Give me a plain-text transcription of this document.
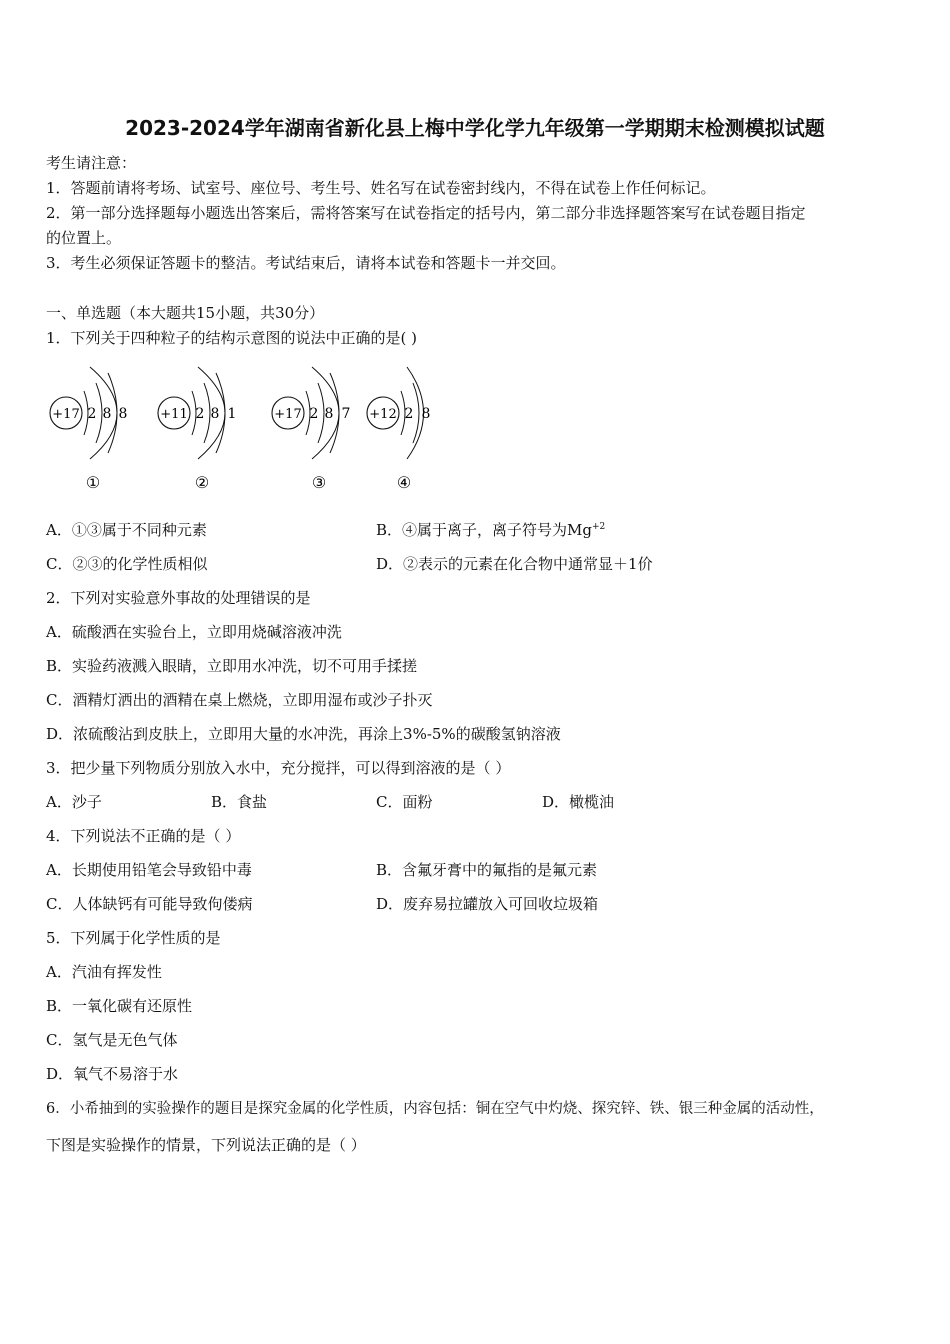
2023-2024学年湖南省新化县上梅中学化学九年级第一学期期末检测模拟试题
考生请注意：
1．答题前请将考场、试室号、座位号、考生号、姓名写在试卷密封线内，不得在试卷上作任何标记。
2．第一部分选择题每小题选出答案后，需将答案写在试卷指定的括号内，第二部分非选择题答案写在试卷题目指定
的位置上。
3．考生必须保证答题卡的整洁。考试结束后，请将本试卷和答题卡一并交回。
一、单选题（本大题共15小题，共30分）
1．下列关于四种粒子的结构示意图的说法中正确的是( )
+17 2 8 8
①
+11 2 8 1
②
+17 2 8 7
③
+12 2 8
④
A．①③属于不同种元素	B．④属于离子，离子符号为$Mg^{+2}$
C．②③的化学性质相似	D．②表示的元素在化合物中通常显＋1价
2．下列对实验意外事故的处理错误的是
A．硫酸洒在实验台上，立即用烧碱溶液冲洗
B．实验药液溅入眼睛，立即用水冲洗，切不可用手揉搓
C．酒精灯洒出的酒精在桌上燃烧，立即用湿布或沙子扑灭
D．浓硫酸沾到皮肤上，立即用大量的水冲洗，再涂上3%-5%的碳酸氢钠溶液
3．把少量下列物质分别放入水中，充分搅拌，可以得到溶液的是（ ）
A．沙子	B．食盐	C．面粉	D．橄榄油
4．下列说法不正确的是（ ）
A．长期使用铅笔会导致铅中毒	B．含氟牙膏中的氟指的是氟元素
C．人体缺钙有可能导致佝偻病	D．废弃易拉罐放入可回收垃圾箱
5．下列属于化学性质的是
A．汽油有挥发性
B．一氧化碳有还原性
C．氢气是无色气体
D．氧气不易溶于水
6．小希抽到的实验操作的题目是探究金属的化学性质，内容包括：铜在空气中灼烧、探究锌、铁、银三种金属的活动性，
下图是实验操作的情景，下列说法正确的是（ ）
